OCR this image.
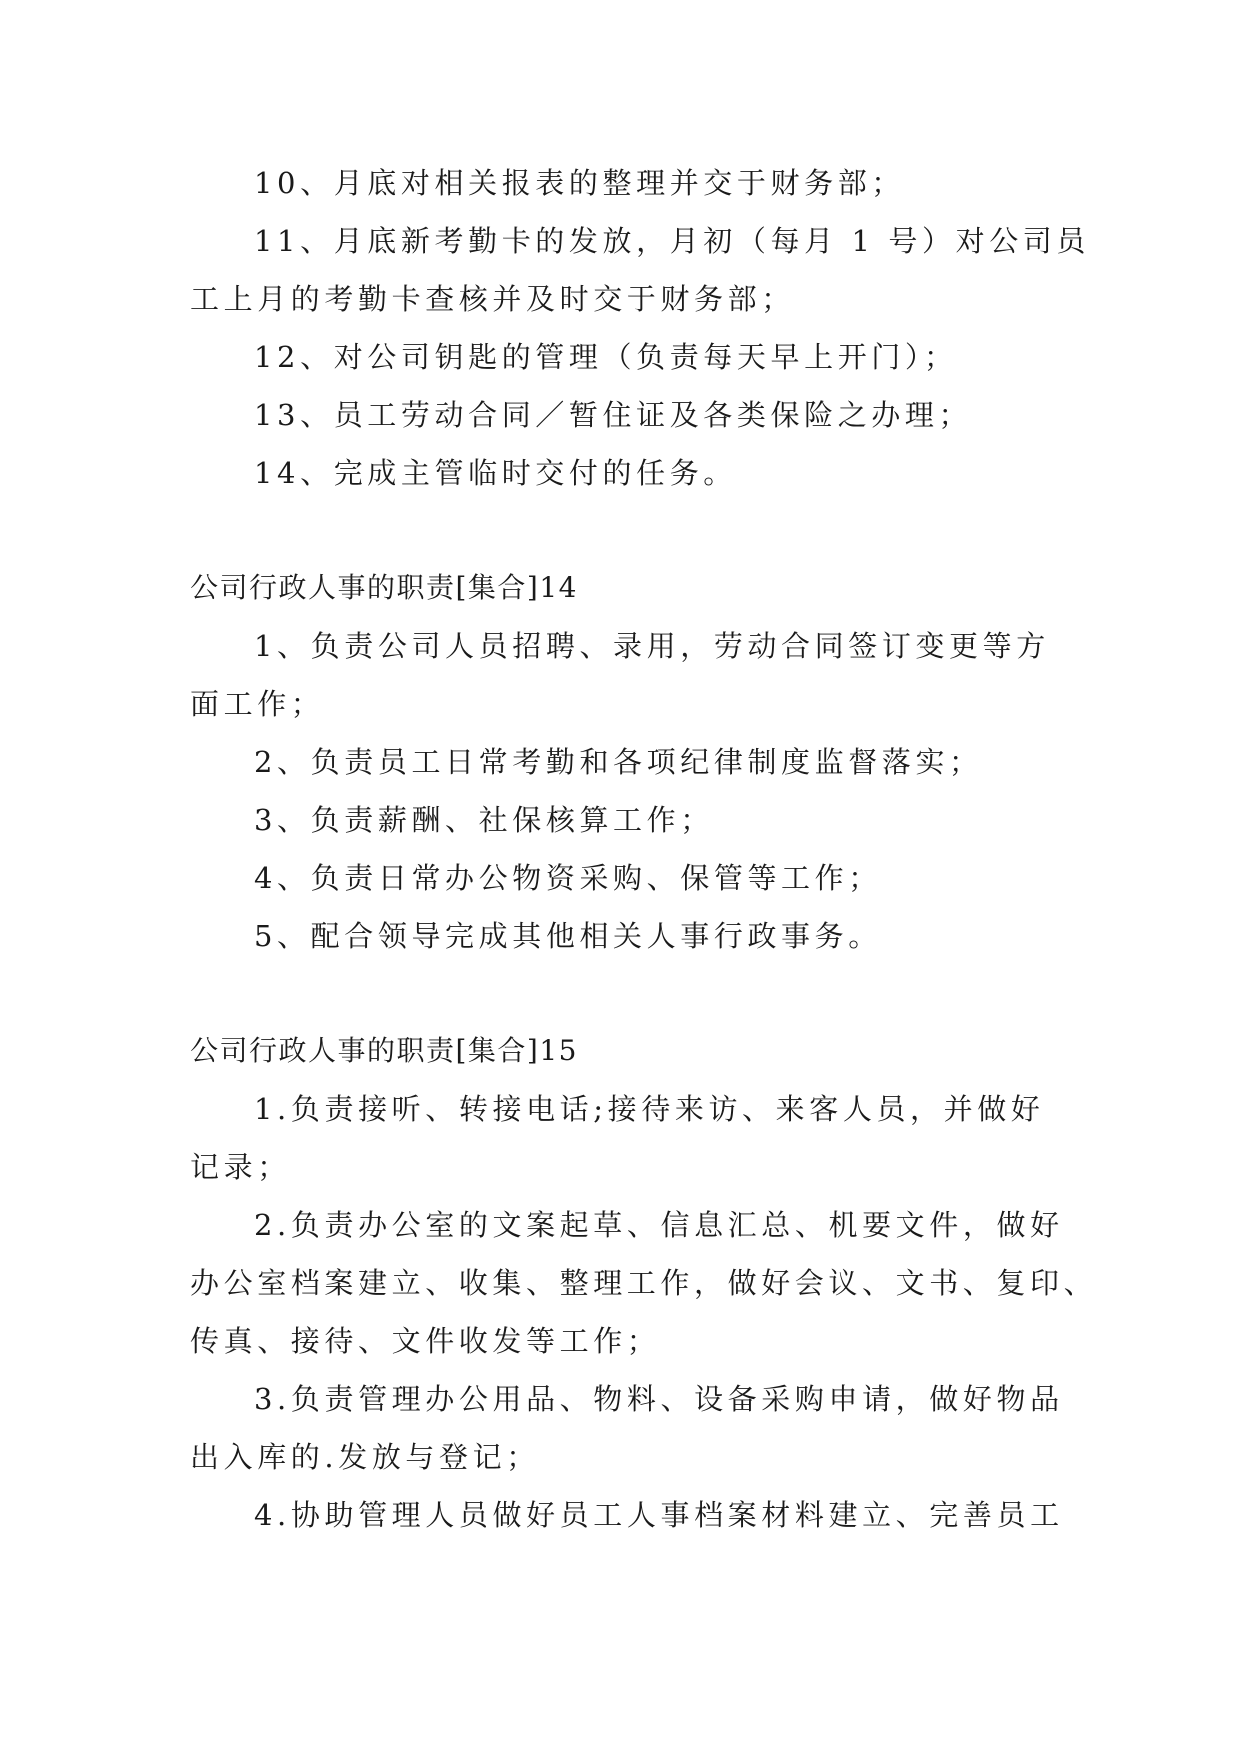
10、月底对相关报表的整理并交于财务部；
11、月底新考勤卡的发放，月初（每月 1 号）对公司员
工上月的考勤卡查核并及时交于财务部；
12、对公司钥匙的管理（负责每天早上开门）；
13、员工劳动合同／暂住证及各类保险之办理；
14、完成主管临时交付的任务。
公司行政人事的职责[集合]14
1、负责公司人员招聘、录用，劳动合同签订变更等方
面工作；
2、负责员工日常考勤和各项纪律制度监督落实；
3、负责薪酬、社保核算工作；
4、负责日常办公物资采购、保管等工作；
5、配合领导完成其他相关人事行政事务。
公司行政人事的职责[集合]15
1.负责接听、转接电话;接待来访、来客人员，并做好
记录；
2.负责办公室的文案起草、信息汇总、机要文件，做好
办公室档案建立、收集、整理工作，做好会议、文书、复印、
传真、接待、文件收发等工作；
3.负责管理办公用品、物料、设备采购申请，做好物品
出入库的.发放与登记；
4.协助管理人员做好员工人事档案材料建立、完善员工
